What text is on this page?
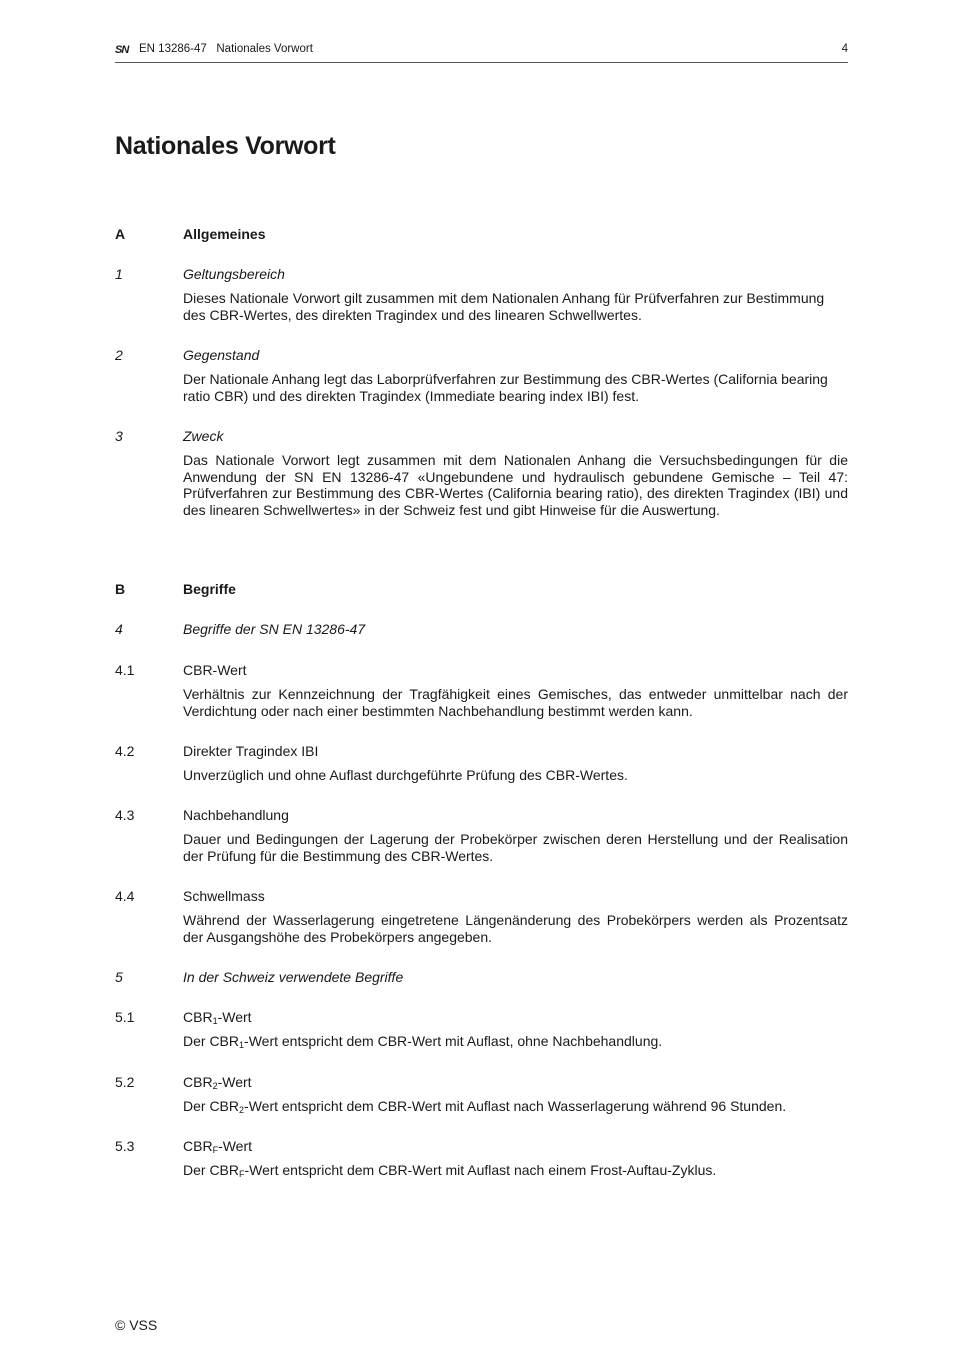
SN EN 13286-47 Nationales Vorwort	4
Nationales Vorwort
A	Allgemeines
1	Geltungsbereich
Dieses Nationale Vorwort gilt zusammen mit dem Nationalen Anhang für Prüfverfahren zur Bestimmung des CBR-Wertes, des direkten Tragindex und des linearen Schwellwertes.
2	Gegenstand
Der Nationale Anhang legt das Laborprüfverfahren zur Bestimmung des CBR-Wertes (California bearing ratio CBR) und des direkten Tragindex (Immediate bearing index IBI) fest.
3	Zweck
Das Nationale Vorwort legt zusammen mit dem Nationalen Anhang die Versuchsbedingungen für die Anwendung der SN EN 13286-47 «Ungebundene und hydraulisch gebundene Gemische – Teil 47: Prüfverfahren zur Bestimmung des CBR-Wertes (California bearing ratio), des direkten Tragindex (IBI) und des linearen Schwellwertes» in der Schweiz fest und gibt Hinweise für die Auswertung.
B	Begriffe
4	Begriffe der SN EN 13286-47
4.1	CBR-Wert
Verhältnis zur Kennzeichnung der Tragfähigkeit eines Gemisches, das entweder unmittelbar nach der Verdichtung oder nach einer bestimmten Nachbehandlung bestimmt werden kann.
4.2	Direkter Tragindex IBI
Unverzüglich und ohne Auflast durchgeführte Prüfung des CBR-Wertes.
4.3	Nachbehandlung
Dauer und Bedingungen der Lagerung der Probekörper zwischen deren Herstellung und der Realisation der Prüfung für die Bestimmung des CBR-Wertes.
4.4	Schwellmass
Während der Wasserlagerung eingetretene Längenänderung des Probekörpers werden als Prozentsatz der Ausgangshöhe des Probekörpers angegeben.
5	In der Schweiz verwendete Begriffe
5.1	$CBR_1$-Wert
Der $CBR_1$-Wert entspricht dem CBR-Wert mit Auflast, ohne Nachbehandlung.
5.2	$CBR_2$-Wert
Der $CBR_2$-Wert entspricht dem CBR-Wert mit Auflast nach Wasserlagerung während 96 Stunden.
5.3	$CBR_F$-Wert
Der $CBR_F$-Wert entspricht dem CBR-Wert mit Auflast nach einem Frost-Auftau-Zyklus.
© VSS
